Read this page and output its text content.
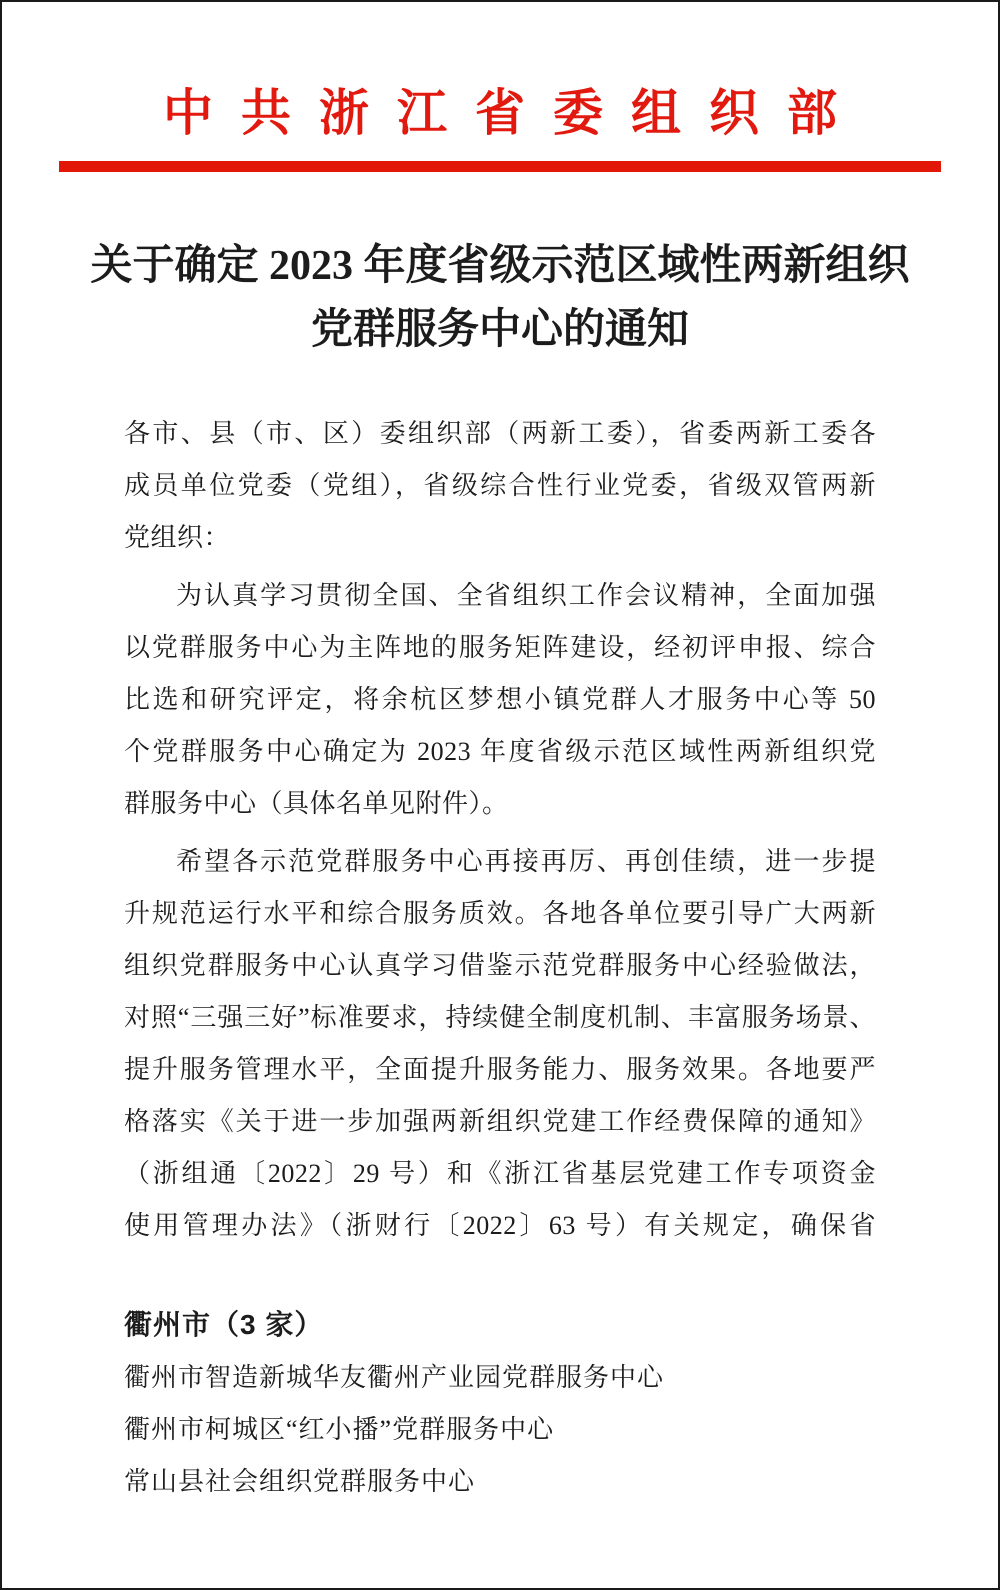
中共浙江省委组织部
关于确定 2023 年度省级示范区域性两新组织
党群服务中心的通知
各市、县（市、区）委组织部（两新工委），省委两新工委各
成员单位党委（党组），省级综合性行业党委，省级双管两新
党组织：
为认真学习贯彻全国、全省组织工作会议精神，全面加强
以党群服务中心为主阵地的服务矩阵建设，经初评申报、综合
比选和研究评定，将余杭区梦想小镇党群人才服务中心等 50
个党群服务中心确定为 2023 年度省级示范区域性两新组织党
群服务中心（具体名单见附件）。
希望各示范党群服务中心再接再厉、再创佳绩，进一步提
升规范运行水平和综合服务质效。各地各单位要引导广大两新
组织党群服务中心认真学习借鉴示范党群服务中心经验做法，
对照“三强三好”标准要求，持续健全制度机制、丰富服务场景、
提升服务管理水平，全面提升服务能力、服务效果。各地要严
格落实《关于进一步加强两新组织党建工作经费保障的通知》
（浙组通〔2022〕29 号）和《浙江省基层党建工作专项资金
使用管理办法》（浙财行〔2022〕63 号）有关规定，确保省
衢州市（3 家）
衢州市智造新城华友衢州产业园党群服务中心
衢州市柯城区“红小播”党群服务中心
常山县社会组织党群服务中心
